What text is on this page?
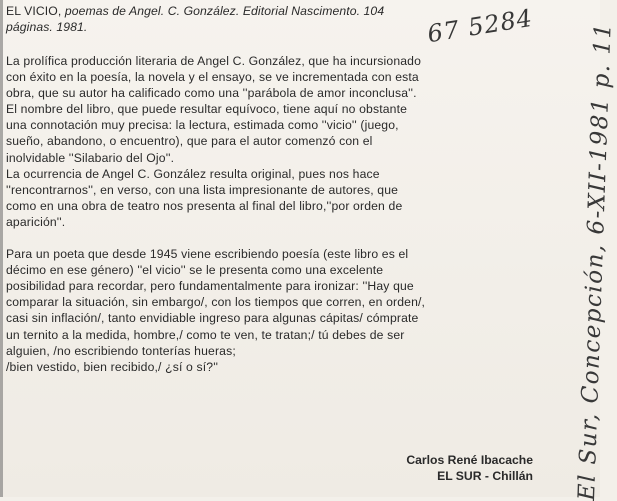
EL VICIO, poemas de Angel. C. González. Editorial Nascimento. 104
páginas. 1981.	67 5284

La prolífica producción literaria de Angel C. González, que ha incursionado
con éxito en la poesía, la novela y el ensayo, se ve incrementada con esta
obra, que su autor ha calificado como una ''parábola de amor inconclusa''.
El nombre del libro, que puede resultar equívoco, tiene aquí no obstante
una connotación muy precisa: la lectura, estimada como ''vicio'' (juego,
sueño, abandono, o encuentro), que para el autor comenzó con el
inolvidable ''Silabario del Ojo''.

La ocurrencia de Angel C. González resulta original, pues nos hace
''rencontrarnos'', en verso, con una lista impresionante de autores, que
como en una obra de teatro nos presenta al final del libro,''por orden de
aparición''.

Para un poeta que desde 1945 viene escribiendo poesía (este libro es el
décimo en ese género) ''el vicio'' se le presenta como una excelente
posibilidad para recordar, pero fundamentalmente para ironizar: ''Hay que
comparar la situación, sin embargo/, con los tiempos que corren, en orden/,
casi sin inflación/, tanto envidiable ingreso para algunas cápitas/ cómprate
un ternito a la medida, hombre,/ como te ven, te tratan;/ tú debes de ser
alguien, /no escribiendo tonterías hueras;
/bien vestido, bien recibido,/ ¿sí o sí?''

Carlos René Ibacache
EL SUR - Chillán El Sur, Concepción, 6-XII-1981 p. 11
